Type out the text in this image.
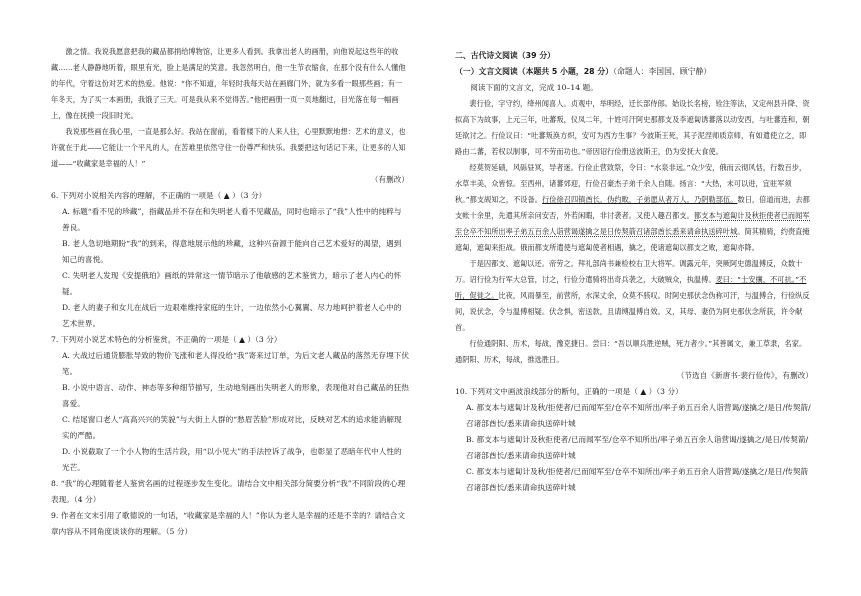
激之情。我说我愿意把我的藏品都捐给博物馆，让更多人看到。我拿出老人的画册，向他说起这些年的收藏……老人静静地听着，眼里有光，脸上是满足的笑意。我忽然明白，他一生节衣缩食，在那个没有什么人懂他的年代，守着这份对艺术的热爱。他说：“你不知道，年轻时我每天站在画廊门外，就为多看一眼那些画；有一年冬天，为了买一本画册，我饿了三天。可是我从来不觉得苦。”他把画册一页一页地翻过，目光落在每一幅画上，像在抚摸一段旧时光。

我说那些画在我心里，一直是那么好。我站在窗前，看着楼下的人来人往，心里默默地想：艺术的意义，也许就在于此——它能让一个平凡的人，在苦难里依然守住一份尊严和快乐。我要把这句话记下来，让更多的人知道——“收藏家是幸福的人！”

（有删改）

6. 下列对小说相关内容的理解，不正确的一项是（ ▲ ）（3 分）

A. 标题“看不见的珍藏”，指藏品并不存在和失明老人看不见藏品，同时也暗示了“我”人性中的纯粹与善良。

B. 老人急切地期盼“我”的到来，得意地展示他的珍藏，这种兴奋源于能向自己艺术爱好的渴望，遇到知己的喜悦。

C. 失明老人发现《安提俄珀》画纸的异常这一情节暗示了他敏感的艺术鉴赏力，暗示了老人内心的怀疑。

D. 老人的妻子和女儿在战后一边艰难维持家庭的生计，一边依然小心翼翼、尽力地呵护着老人心中的艺术世界。

7. 下列对小说艺术特色的分析鉴赏，不正确的一项是（ ▲ ）（3 分）

A. 大战过后通货膨胀导致的物价飞涨和老人得没给“我”寄来过订单，为后文老人藏品的落然无存埋下伏笔。

B. 小说中语言、动作、神态等多种细节描写，生动地刻画出失明老人的形象，表现他对自己藏品的狂热喜爱。

C. 结尾窗口老人“高高兴兴的笑貌”与大街上人群的“愁眉苦脸”形成对比，反映对艺术的追求能消解现实的严酷。

D. 小说截取了一个小人物的生活片段，用“以小见大”的手法控诉了战争，也彰显了恶暗年代中人性的光芒。

8. “我”的心理随着老人鉴赏名画的过程逐步发生变化。请结合文中相关部分简要分析“我”不同阶段的心理表现。（4 分）

9. 作者在文末引用了歌德说的一句话，“收藏家是幸福的人！”你认为老人是幸福的还是不幸的？请结合文章内容从不同角度谈谈你的理解。（5 分）

二、古代诗文阅读（39 分）

（一）文言文阅读（本题共 5 小题，28 分）（命题人：李国国、顾宁静）

阅读下面的文言文，完成 10–14 题。

裴行俭，字守约，绛州闻喜人。贞观中，举明经，迁长部侍郎。始设长名榜，铨注等法，又定州县升降、资拟高下为故事，上元三年，吐蕃叛，仪凤二年，十姓可汗阿史那都支及李遮匐诱蕃落以动安西，与吐蕃连和，朝廷欲讨之。行俭议曰：“吐蕃叛涣方炽，安可为西方生事？今波斯王死，其子泥涅师质京师，有如遣使立之，即路由二蕃，若权以制事，可不劳而功也。”帝因诏行俭册送波斯王，仍为安抚大食使。

经莫贺延碛，风砾昼冥，导者迷。行俭止营致祭，令曰：“水泉非远。”众少安，俄而云彻风恬，行数百步，水草丰美，众皆惊。至西州，诸蕃郊迎，行俭召豪杰子弟千余人自随。扬言：“大热，未可以进，宜驻军须秋。”都支觇知之，不设备。行俭徐召四镇酋长，伪约畋，子弟愿从者万人，乃阴勒部伍。数日，倍道而进，去都支帐十余里，先遣其所亲问安否，外若闲暇，非讨袭者。又使人趣召都支。都支本与遮匐计及秋拒使者已而闻军至仓卒不知所出率子弟五百余人诣营谒遂擒之是日传契箭召诸部酋长悉来请命执送碎叶城。简其精骑，约赍直掩遮匐，遮匐来拒战。俄而都支所遣使与遮匐使者相遇，擒之，使诸遮匐以都支之败，遮匐亦降。

于是囚都支、遮匐以还。帝劳之。拜礼部尚书兼检校右卫大将军。调露元年，突厥阿史德温傅反，众数十万。诏行俭为行军大总管，讨之，行俭分遣骑将出奇兵袭之，大破贼众，执温傅。麦曰：“士安攘，不可抗。”不听，促徙之。比夜，风雨暴至，前营所，水深丈余，众莫不骇叹。时阿史那伏念伪称可汗，与温傅合，行俭纵反间，说伏念，令与温傅相疑。伏念惧，密送款，且请缚温傅自效。又，其母、妻仍为阿史那伏念所获，许令献首。

行俭通阴阳、历术，每战，豫克捷日。尝曰：“吾以顺兵胜逆贼，死力者少。”其善属文，兼工草隶，名家。通阴阳、历术，每战，推选胜日。

（节选自《新唐书·裴行俭传》，有删改）

10. 下列对文中画波浪线部分的断句，正确的一项是（ ▲ ）（3 分）

A. 都支本与遮匐计及秋/拒使者/已而闻军至/仓卒不知所出/率子弟五百余人诣营谒/遂擒之/是日/传契箭/召诸部酋长/悉来请命执送碎叶城

B. 都支本与遮匐计及秋拒使者/已而闻军至/仓卒不知所出/率子弟五百余人诣营谒/遂擒之/是日/传契箭/召诸部酋长/悉来请命执送碎叶城

C. 都支本与遮匐计及秋/拒使者/已而闻军至/仓卒不知所出/率子弟五百余人诣营谒/遂擒之/是日/传契箭召诸部酋长/悉来请命执送碎叶城
